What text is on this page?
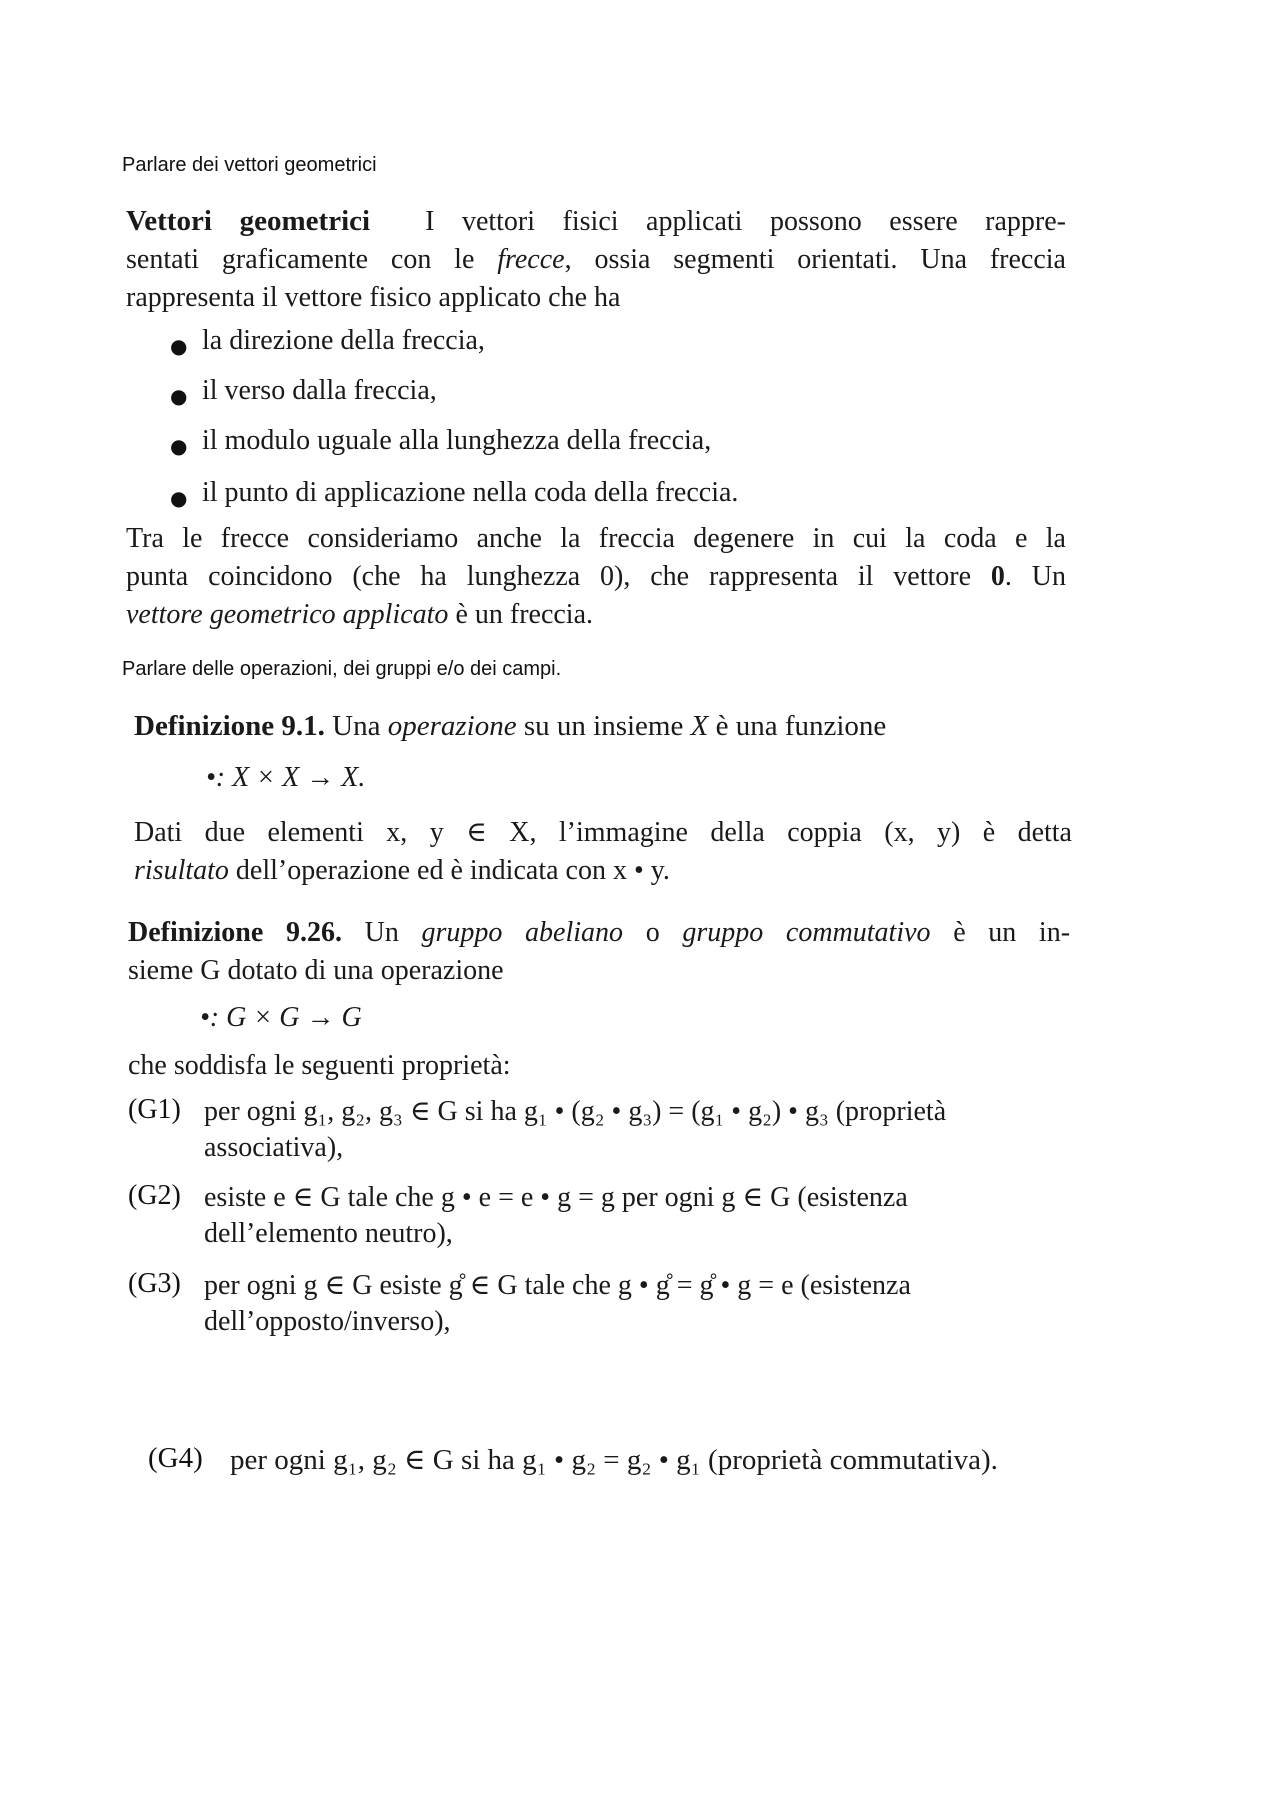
Parlare dei vettori geometrici
Vettori geometrici I vettori fisici applicati possono essere rappre-
sentati graficamente con le frecce, ossia segmenti orientati. Una freccia
rappresenta il vettore fisico applicato che ha
● la direzione della freccia,
● il verso dalla freccia,
● il modulo uguale alla lunghezza della freccia,
● il punto di applicazione nella coda della freccia.
Tra le frecce consideriamo anche la freccia degenere in cui la coda e la
punta coincidono (che ha lunghezza 0), che rappresenta il vettore 0. Un
vettore geometrico applicato è un freccia.
Parlare delle operazioni, dei gruppi e/o dei campi.
Definizione 9.1. Una operazione su un insieme X è una funzione
•: X × X → X.
Dati due elementi x, y ∈ X, l’immagine della coppia (x, y) è detta
risultato dell’operazione ed è indicata con x • y.
Definizione 9.26. Un gruppo abeliano o gruppo commutativo è un in-
sieme G dotato di una operazione
•: G × G → G
che soddisfa le seguenti proprietà:
(G1) per ogni g₁, g₂, g₃ ∈ G si ha g₁ • (g₂ • g₃) = (g₁ • g₂) • g₃ (proprietà
associativa),
(G2) esiste e ∈ G tale che g • e = e • g = g per ogni g ∈ G (esistenza
dell’elemento neutro),
(G3) per ogni g ∈ G esiste g̊ ∈ G tale che g • g̊ = g̊ • g = e (esistenza
dell’opposto/inverso),
(G4) per ogni g₁, g₂ ∈ G si ha g₁ • g₂ = g₂ • g₁ (proprietà commutativa).
